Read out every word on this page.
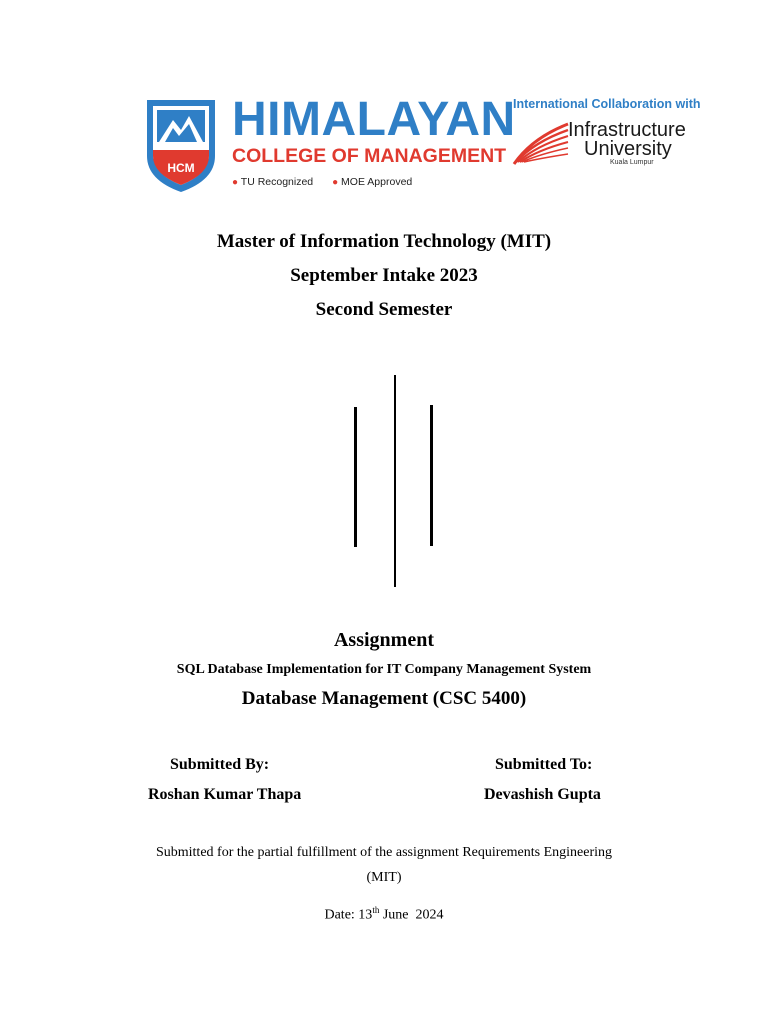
HCM
HIMALAYAN
COLLEGE OF MANAGEMENT
● TU Recognized ● MOE Approved
International Collaboration with
Infrastructure
University
Kuala Lumpur
Master of Information Technology (MIT)
September Intake 2023
Second Semester
Assignment
SQL Database Implementation for IT Company Management System
Database Management (CSC 5400)
Submitted By:
Roshan Kumar Thapa
Submitted To:
Devashish Gupta
Submitted for the partial fulfillment of the assignment Requirements Engineering
(MIT)
Date: 13th June  2024
